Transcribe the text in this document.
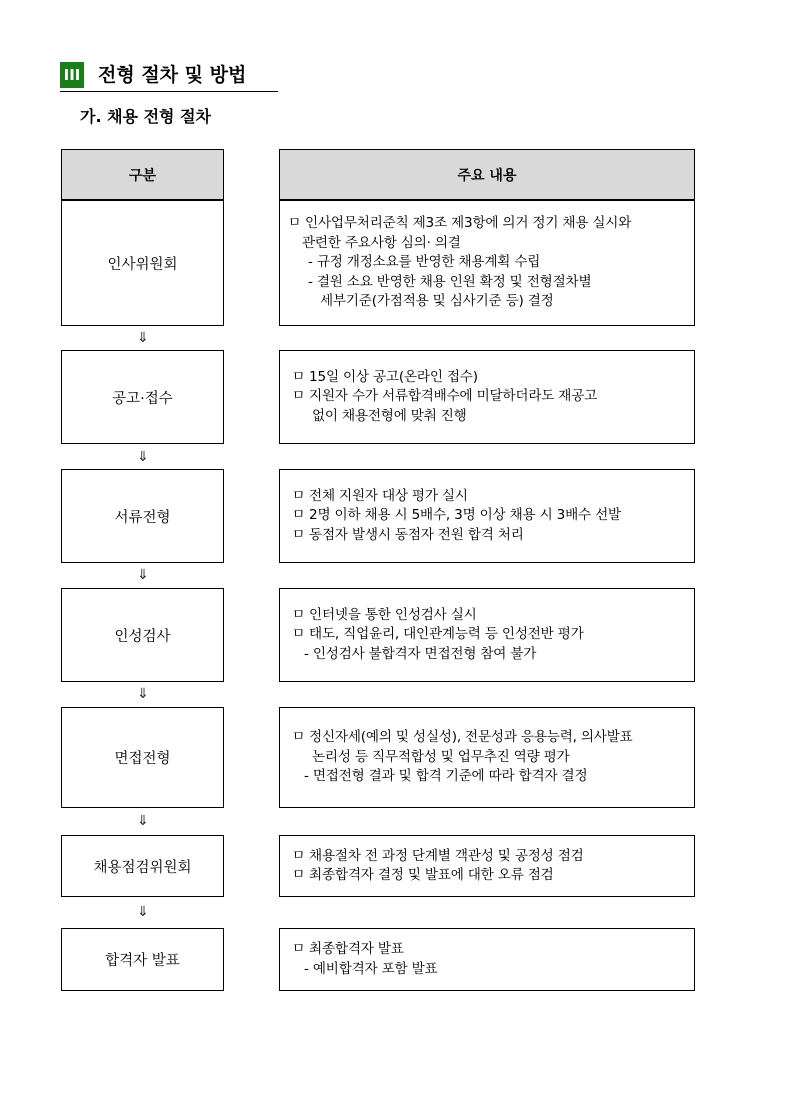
III 전형 절차 및 방법
가. 채용 전형 절차
구분	주요 내용
인사위원회
ㅁ 인사업무처리준칙 제3조 제3항에 의거 정기 채용 실시와
관련한 주요사항 심의· 의결
- 규정 개정소요를 반영한 채용계획 수립
- 결원 소요 반영한 채용 인원 확정 및 전형절차별
세부기준(가점적용 및 심사기준 등) 결정
⇓
공고·접수
ㅁ 15일 이상 공고(온라인 접수)
ㅁ 지원자 수가 서류합격배수에 미달하더라도 재공고
없이 채용전형에 맞춰 진행
⇓
서류전형
ㅁ 전체 지원자 대상 평가 실시
ㅁ 2명 이하 채용 시 5배수, 3명 이상 채용 시 3배수 선발
ㅁ 동점자 발생시 동점자 전원 합격 처리
⇓
인성검사
ㅁ 인터넷을 통한 인성검사 실시
ㅁ 태도, 직업윤리, 대인관계능력 등 인성전반 평가
- 인성검사 불합격자 면접전형 참여 불가
⇓
면접전형
ㅁ 정신자세(예의 및 성실성), 전문성과 응용능력, 의사발표
논리성 등 직무적합성 및 업무추진 역량 평가
- 면접전형 결과 및 합격 기준에 따라 합격자 결정
⇓
채용점검위원회
ㅁ 채용절차 전 과정 단계별 객관성 및 공정성 점검
ㅁ 최종합격자 결정 및 발표에 대한 오류 점검
⇓
합격자 발표
ㅁ 최종합격자 발표
- 예비합격자 포함 발표
